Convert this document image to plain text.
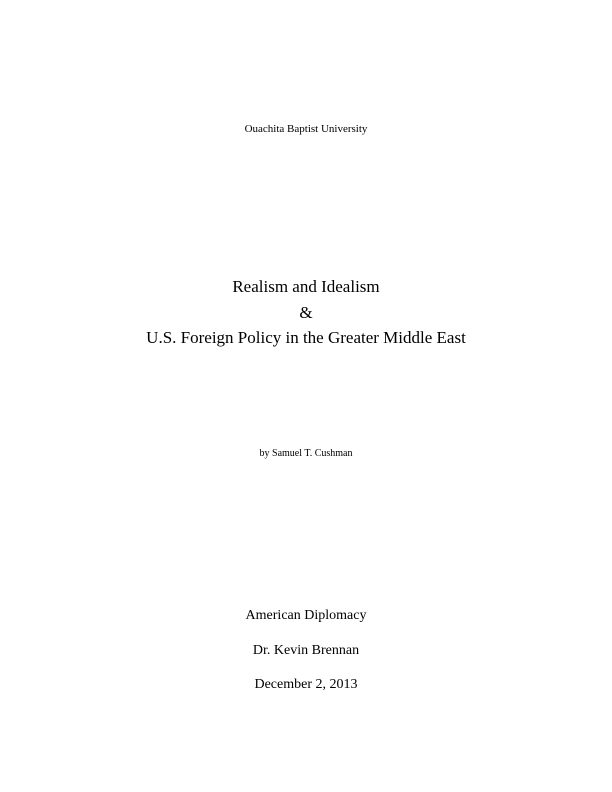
Ouachita Baptist University
Realism and Idealism
&
U.S. Foreign Policy in the Greater Middle East
by Samuel T. Cushman
American Diplomacy
Dr. Kevin Brennan
December 2, 2013
